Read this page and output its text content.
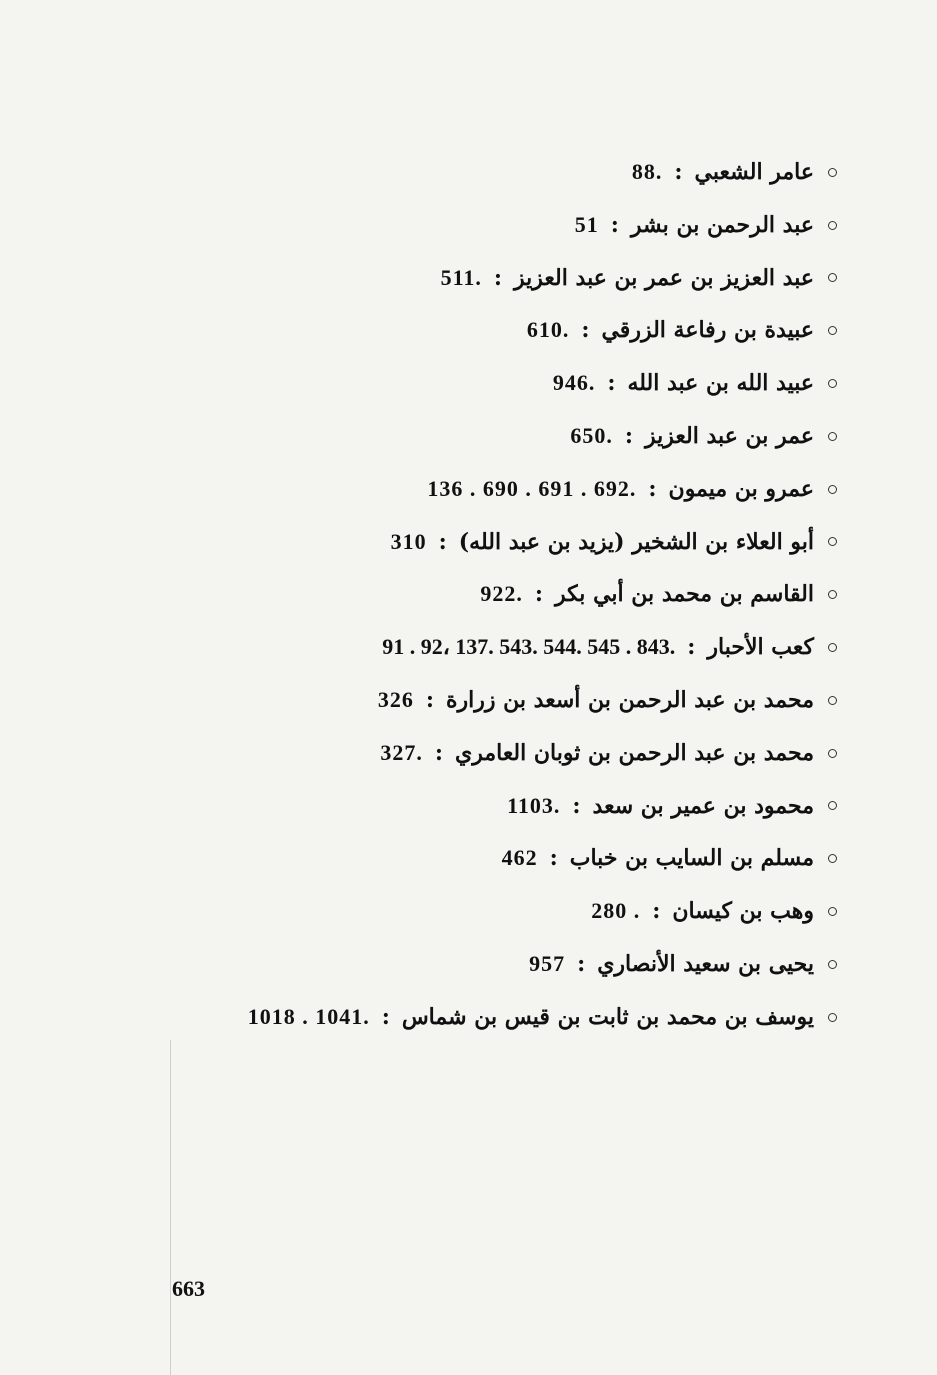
عامر الشعبي
:
88.
عبد الرحمن بن بشر
:
51
عبد العزيز بن عمر بن عبد العزيز
:
511.
عبيدة بن رفاعة الزرقي
:
610.
عبيد الله بن عبد الله
:
946.
عمر بن عبد العزيز
:
650.
عمرو بن ميمون
:
136 . 690 . 691 . 692.
أبو العلاء بن الشخير (يزيد بن عبد الله)
:
310
القاسم بن محمد بن أبي بكر
:
922.
كعب الأحبار
:
91 . 92، 137. 543. 544. 545 . 843.
محمد بن عبد الرحمن بن أسعد بن زرارة
:
326
محمد بن عبد الرحمن بن ثوبان العامري
:
327.
محمود بن عمير بن سعد
:
1103.
مسلم بن السايب بن خباب
:
462
وهب بن كيسان
:
280 .
يحيى بن سعيد الأنصاري
:
957
يوسف بن محمد بن ثابت بن قيس بن شماس
:
1018 . 1041.
663
